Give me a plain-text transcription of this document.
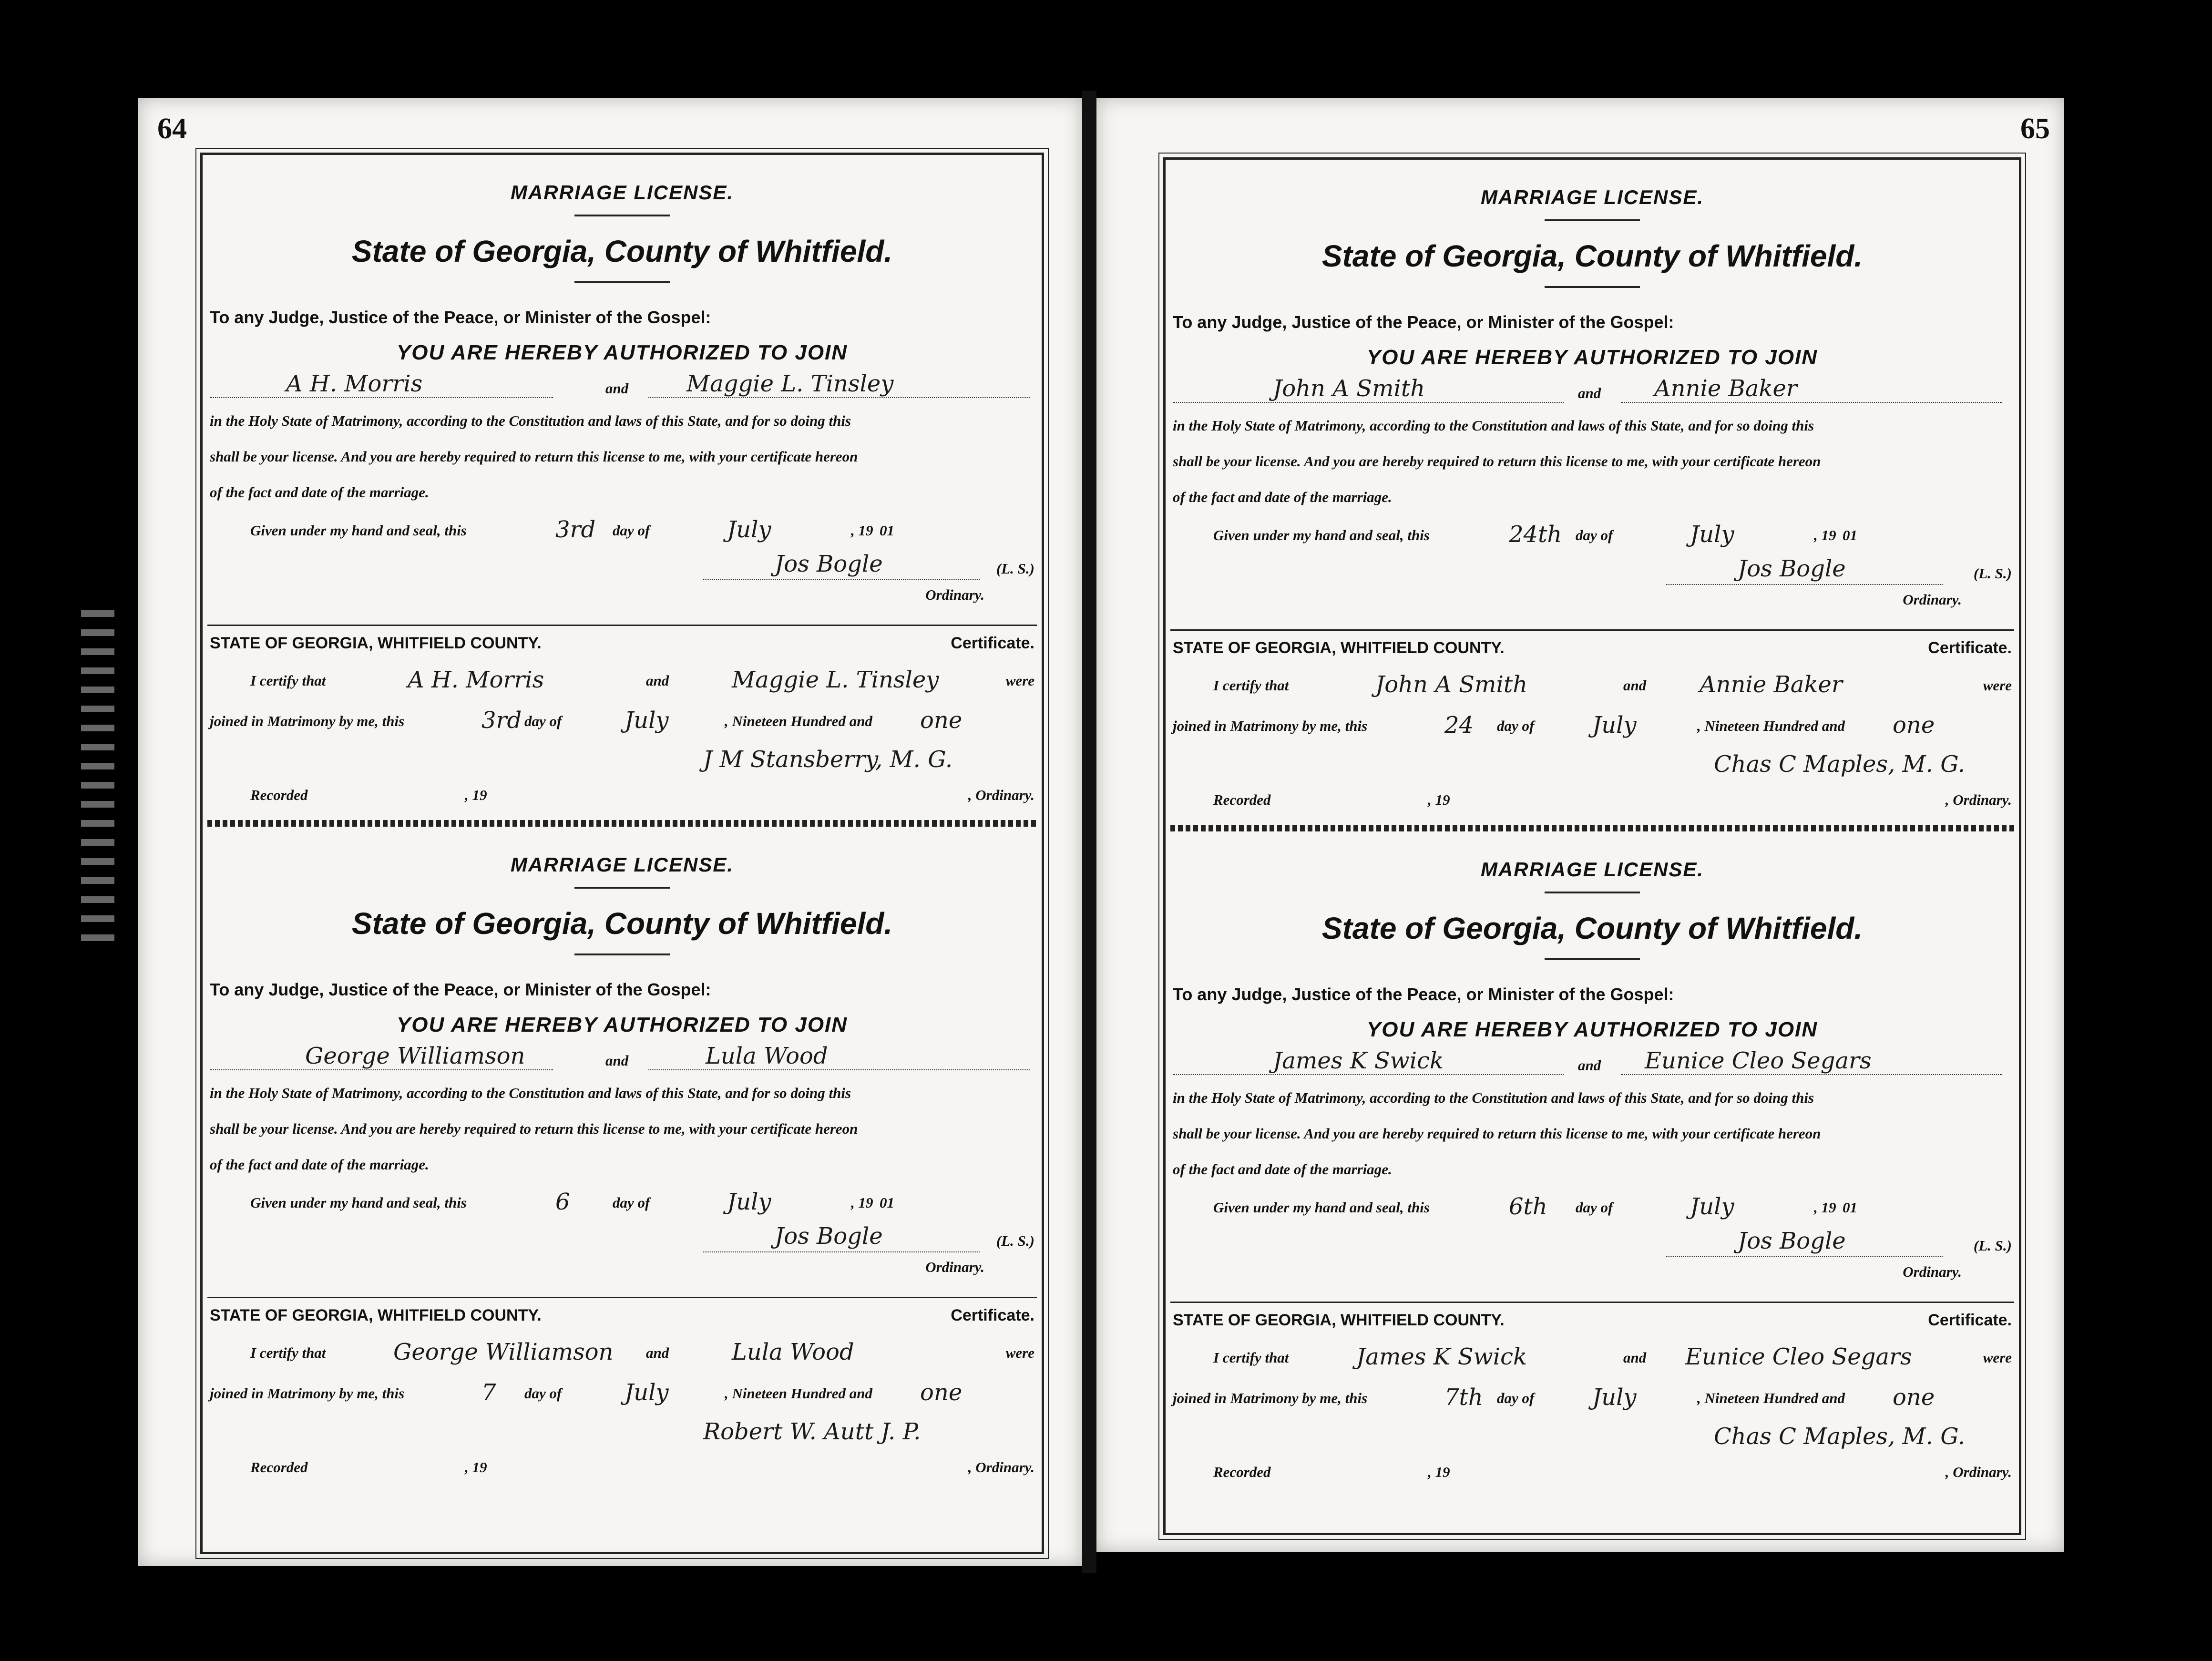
64
MARRIAGE LICENSE.
State of Georgia, County of Whitfield.
To any Judge, Justice of the Peace, or Minister of the Gospel:
YOU ARE HEREBY AUTHORIZED TO JOIN
A H. Morris	and	Maggie L. Tinsley
in the Holy State of Matrimony, according to the Constitution and laws of this State, and for so doing this
shall be your license. And you are hereby required to return this license to me, with your certificate hereon
of the fact and date of the marriage.
Given under my hand and seal, this	3rd day of	July	, 19 01
Jos Bogle	(L. S.)
Ordinary.
STATE OF GEORGIA, WHITFIELD COUNTY.	Certificate.
I certify that	A H. Morris	and	Maggie L. Tinsley	were
joined in Matrimony by me, this	3rd day of	July	, Nineteen Hundred and one
J M Stansberry, M. G.
Recorded	, 19	, Ordinary.
MARRIAGE LICENSE.
State of Georgia, County of Whitfield.
To any Judge, Justice of the Peace, or Minister of the Gospel:
YOU ARE HEREBY AUTHORIZED TO JOIN
George Williamson	and	Lula Wood
in the Holy State of Matrimony, according to the Constitution and laws of this State, and for so doing this
shall be your license. And you are hereby required to return this license to me, with your certificate hereon
of the fact and date of the marriage.
Given under my hand and seal, this	6	day of	July	, 19 01
Jos Bogle	(L. S.)
Ordinary.
STATE OF GEORGIA, WHITFIELD COUNTY.	Certificate.
I certify that	George Williamson and	Lula Wood	were
joined in Matrimony by me, this	7 day of	July	, Nineteen Hundred and one
Robert W. Autt J. P.
Recorded	, 19	, Ordinary.
65
MARRIAGE LICENSE.
State of Georgia, County of Whitfield.
To any Judge, Justice of the Peace, or Minister of the Gospel:
YOU ARE HEREBY AUTHORIZED TO JOIN
John A Smith	and Annie Baker
in the Holy State of Matrimony, according to the Constitution and laws of this State, and for so doing this
shall be your license. And you are hereby required to return this license to me, with your certificate hereon
of the fact and date of the marriage.
Given under my hand and seal, this	24th day of	July	, 19 01
Jos Bogle	(L. S.)
Ordinary.
STATE OF GEORGIA, WHITFIELD COUNTY.	Certificate.
I certify that	John A Smith	and Annie Baker	were
joined in Matrimony by me, this	24 day of	July	, Nineteen Hundred and one
Chas C Maples, M. G.
Recorded	, 19	, Ordinary.
MARRIAGE LICENSE.
State of Georgia, County of Whitfield.
To any Judge, Justice of the Peace, or Minister of the Gospel:
YOU ARE HEREBY AUTHORIZED TO JOIN
James K Swick	and Eunice Cleo Segars
in the Holy State of Matrimony, according to the Constitution and laws of this State, and for so doing this
shall be your license. And you are hereby required to return this license to me, with your certificate hereon
of the fact and date of the marriage.
Given under my hand and seal, this	6th day of	July	, 19 01
Jos Bogle	(L. S.)
Ordinary.
STATE OF GEORGIA, WHITFIELD COUNTY.	Certificate.
I certify that	James K Swick	and Eunice Cleo Segars	were
joined in Matrimony by me, this	7th day of	July	, Nineteen Hundred and one
Chas C Maples, M. G.
Recorded	, 19	, Ordinary.
